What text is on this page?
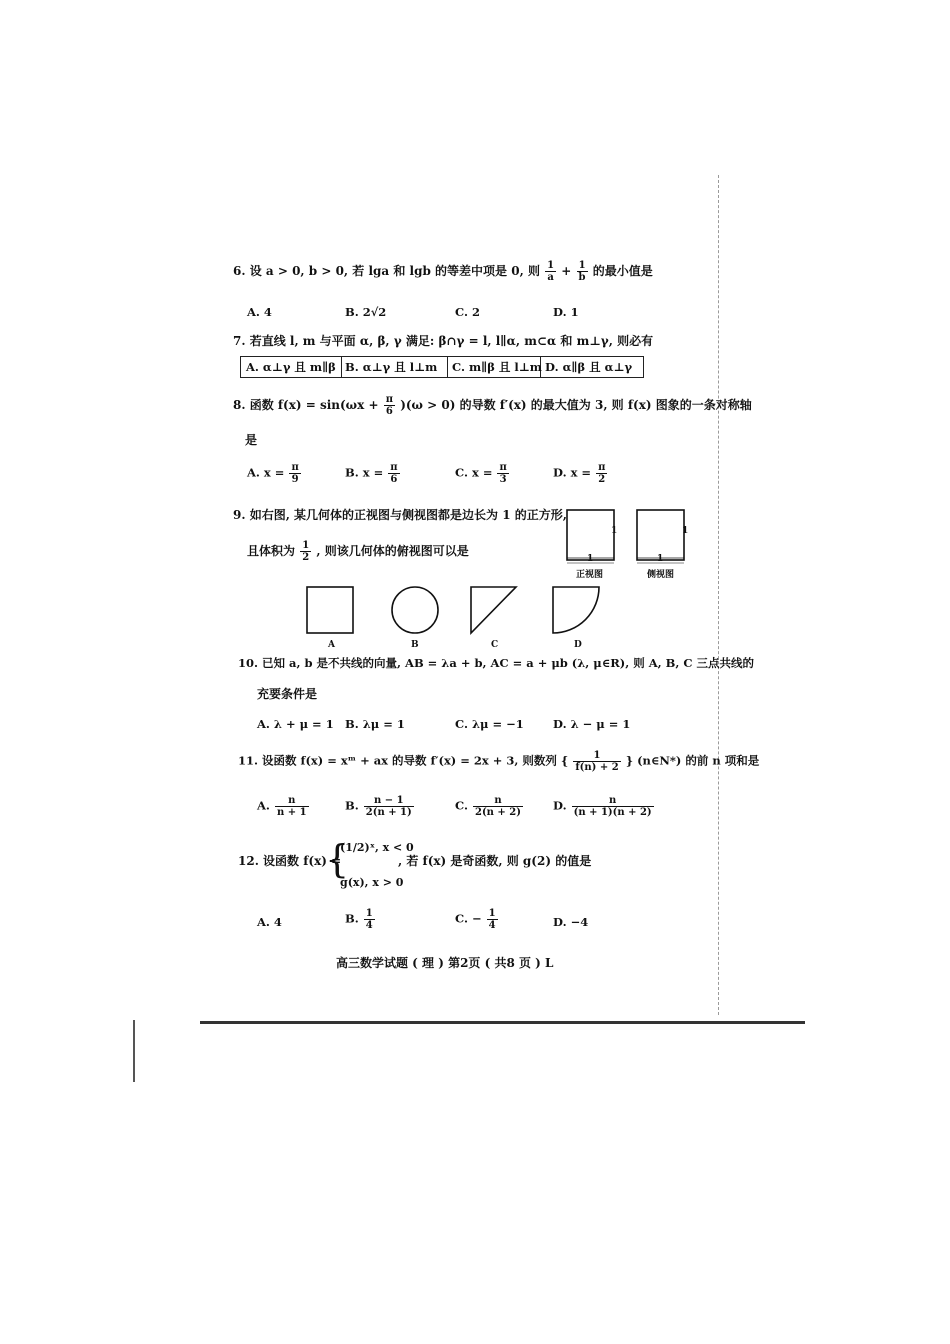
6. 设 a > 0, b > 0, 若 lga 和 lgb 的等差中项是 0, 则 $\frac{1}{a} + \frac{1}{b}$ 的最小值是
A. 4	B. 2√2	C. 2	D. 1
7. 若直线 l, m 与平面 α, β, γ 满足: β∩γ = l, l∥α, m⊂α 和 m⊥γ, 则必有
A. α⊥γ 且 m∥β B. α⊥γ 且 l⊥m C. m∥β 且 l⊥m D. α∥β 且 α⊥γ
8. 函数 $f(x) = \sin(\omega x + \frac{\pi}{6} )(\omega > 0)$ 的导数 f′(x) 的最大值为 3, 则 f(x) 图象的一条对称轴
是
A. $x = \frac{\pi}{9}$	B. $x = \frac{\pi}{6}$	C. $x = \frac{\pi}{3}$	D. $x = \frac{\pi}{2}$
9. 如右图, 某几何体的正视图与侧视图都是边长为 1 的正方形,
且体积为 $\frac{1}{2}$ , 则该几何体的俯视图可以是
1	1
1	1
正视图	侧视图
A	B	C	D
10. 已知 a, b 是不共线的向量, AB = λa + b, AC = a + μb (λ, μ∈R), 则 A, B, C 三点共线的
充要条件是
A. λ + μ = 1 B. λμ = 1	C. λμ = −1	D. λ − μ = 1
11. 设函数 f(x) = xᵐ + ax 的导数 f′(x) = 2x + 3, 则数列 { $\frac{1}{f(n) + 2}$ } (n∈N*) 的前 n 项和是
A. $\frac{n}{n + 1}$	B. $\frac{n - 1}{2(n + 1)}$	C. $\frac{n}{2(n + 2)}$	D. $\frac{n}{(n + 1)(n + 2)}$
12. 设函数 f(x) =
{
(1/2)ˣ, x < 0
g(x), x > 0
, 若 f(x) 是奇函数, 则 g(2) 的值是
A. 4	B. $\frac{1}{4}$	C. − $\frac{1}{4}$	D. −4
高三数学试题 ( 理 ) 第2页 ( 共8 页 ) L
